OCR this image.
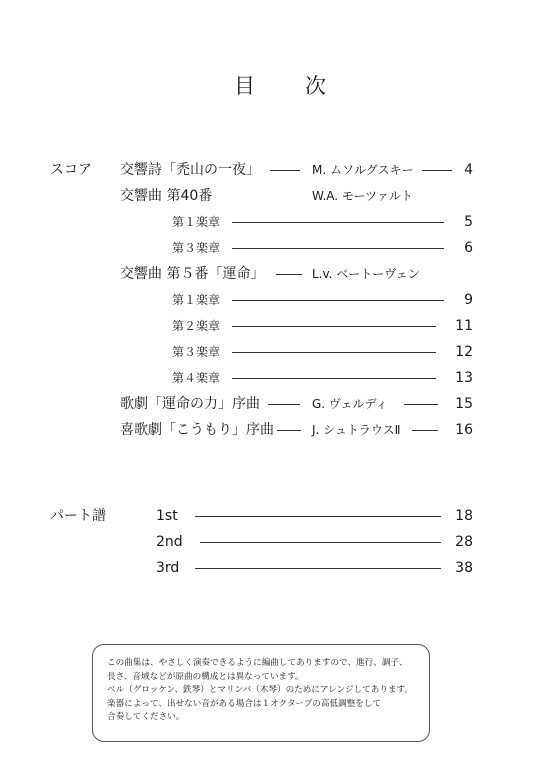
目 次
スコア 交響詩「禿山の一夜」	M. ムソルグスキー	4
交響曲 第40番	W.A. モーツァルト
第１楽章	5
第３楽章	6
交響曲 第５番「運命」	L.v. ベートーヴェン
第１楽章	9
第２楽章	11
第３楽章	12
第４楽章	13
歌劇「運命の力」序曲	G. ヴェルディ	15
喜歌劇「こうもり」序曲	J. シュトラウスⅡ	16
パート譜	1st	18
2nd	28
3rd	38
この曲集は、やさしく演奏できるように編曲してありますので、進行、調子、
長さ、音域などが原曲の構成とは異なっています。
ベル（グロッケン、鉄琴）とマリンバ（木琴）のためにアレンジしてあります。
楽器によって、出せない音がある場合は１オクターブの高低調整をして
合奏してください。
